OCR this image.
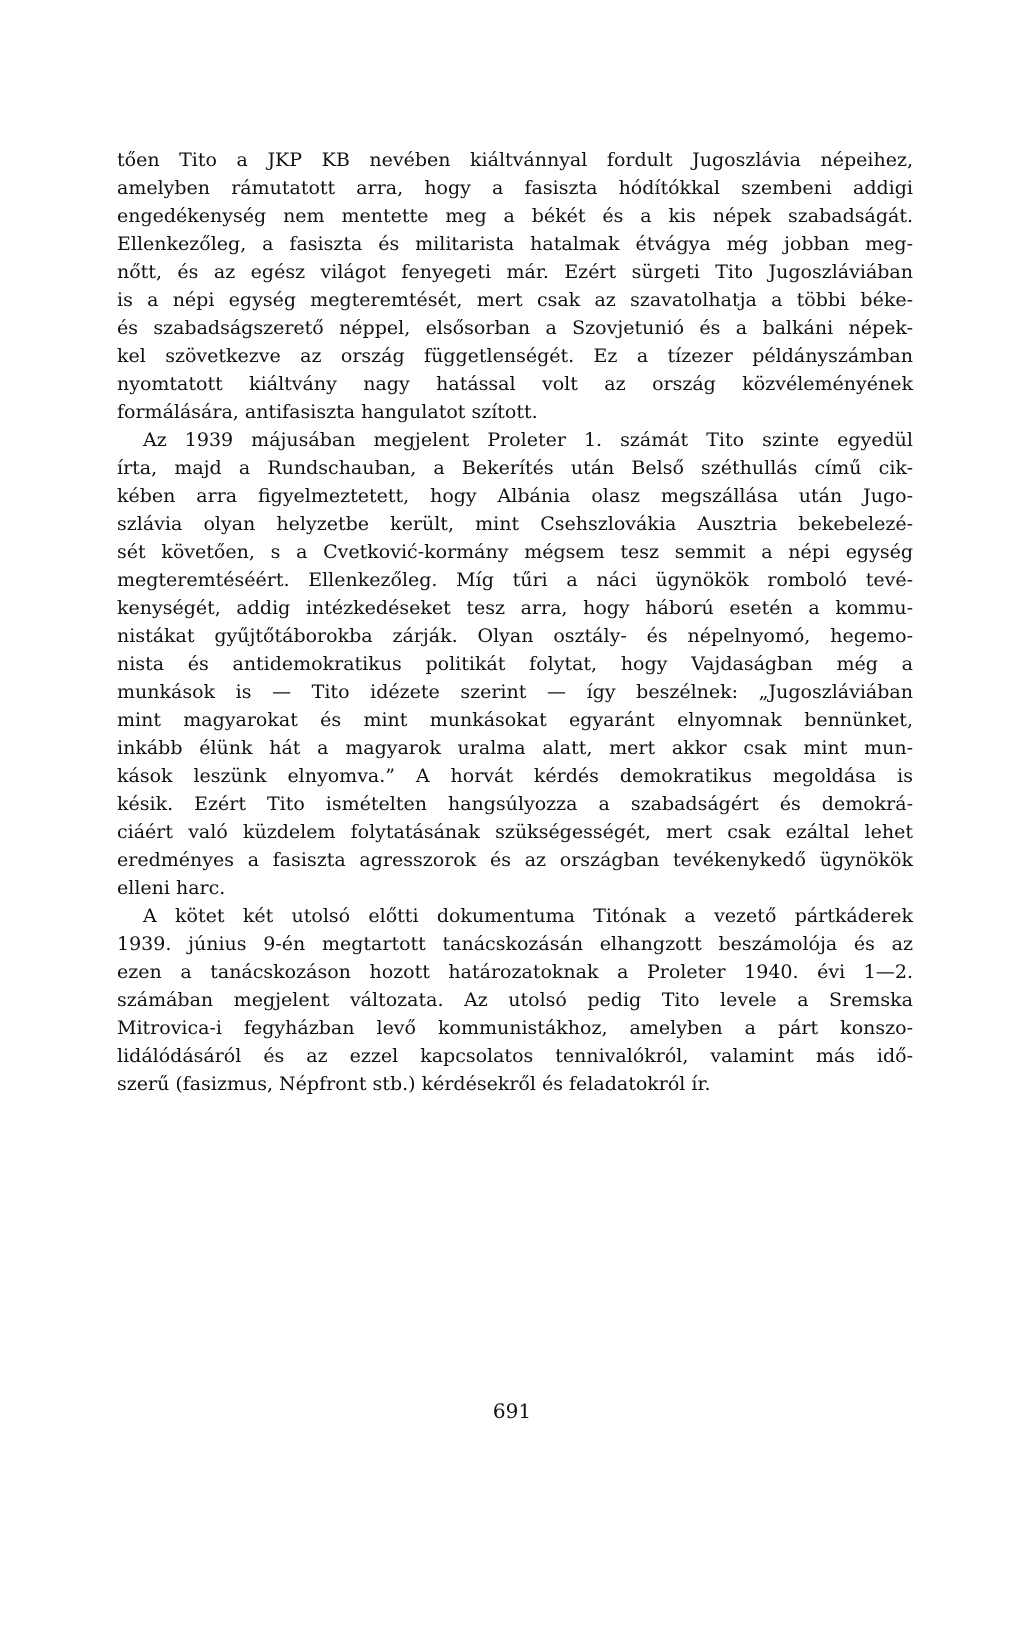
tően Tito a JKP KB nevében kiáltvánnyal fordult Jugoszlávia népeihez,
amelyben rámutatott arra, hogy a fasiszta hódítókkal szembeni addigi
engedékenység nem mentette meg a békét és a kis népek szabadságát.
Ellenkezőleg, a fasiszta és militarista hatalmak étvágya még jobban meg-
nőtt, és az egész világot fenyegeti már. Ezért sürgeti Tito Jugoszláviában
is a népi egység megteremtését, mert csak az szavatolhatja a többi béke-
és szabadságszerető néppel, elsősorban a Szovjetunió és a balkáni népek-
kel szövetkezve az ország függetlenségét. Ez a tízezer példányszámban
nyomtatott kiáltvány nagy hatással volt az ország közvéleményének
formálására, antifasiszta hangulatot szított.
Az 1939 májusában megjelent Proleter 1. számát Tito szinte egyedül
írta, majd a Rundschauban, a Bekerítés után Belső széthullás című cik-
kében arra figyelmeztetett, hogy Albánia olasz megszállása után Jugo-
szlávia olyan helyzetbe került, mint Csehszlovákia Ausztria bekebelezé-
sét követően, s a Cvetković-kormány mégsem tesz semmit a népi egység
megteremtéséért. Ellenkezőleg. Míg tűri a náci ügynökök romboló tevé-
kenységét, addig intézkedéseket tesz arra, hogy háború esetén a kommu-
nistákat gyűjtőtáborokba zárják. Olyan osztály- és népelnyomó, hegemo-
nista és antidemokratikus politikát folytat, hogy Vajdaságban még a
munkások is — Tito idézete szerint — így beszélnek: „Jugoszláviában
mint magyarokat és mint munkásokat egyaránt elnyomnak bennünket,
inkább élünk hát a magyarok uralma alatt, mert akkor csak mint mun-
kások leszünk elnyomva.” A horvát kérdés demokratikus megoldása is
késik. Ezért Tito ismételten hangsúlyozza a szabadságért és demokrá-
ciáért való küzdelem folytatásának szükségességét, mert csak ezáltal lehet
eredményes a fasiszta agresszorok és az országban tevékenykedő ügynökök
elleni harc.
A kötet két utolsó előtti dokumentuma Titónak a vezető pártkáderek
1939. június 9-én megtartott tanácskozásán elhangzott beszámolója és az
ezen a tanácskozáson hozott határozatoknak a Proleter 1940. évi 1—2.
számában megjelent változata. Az utolsó pedig Tito levele a Sremska
Mitrovica-i fegyházban levő kommunistákhoz, amelyben a párt konszo-
lidálódásáról és az ezzel kapcsolatos tennivalókról, valamint más idő-
szerű (fasizmus, Népfront stb.) kérdésekről és feladatokról ír.
691
